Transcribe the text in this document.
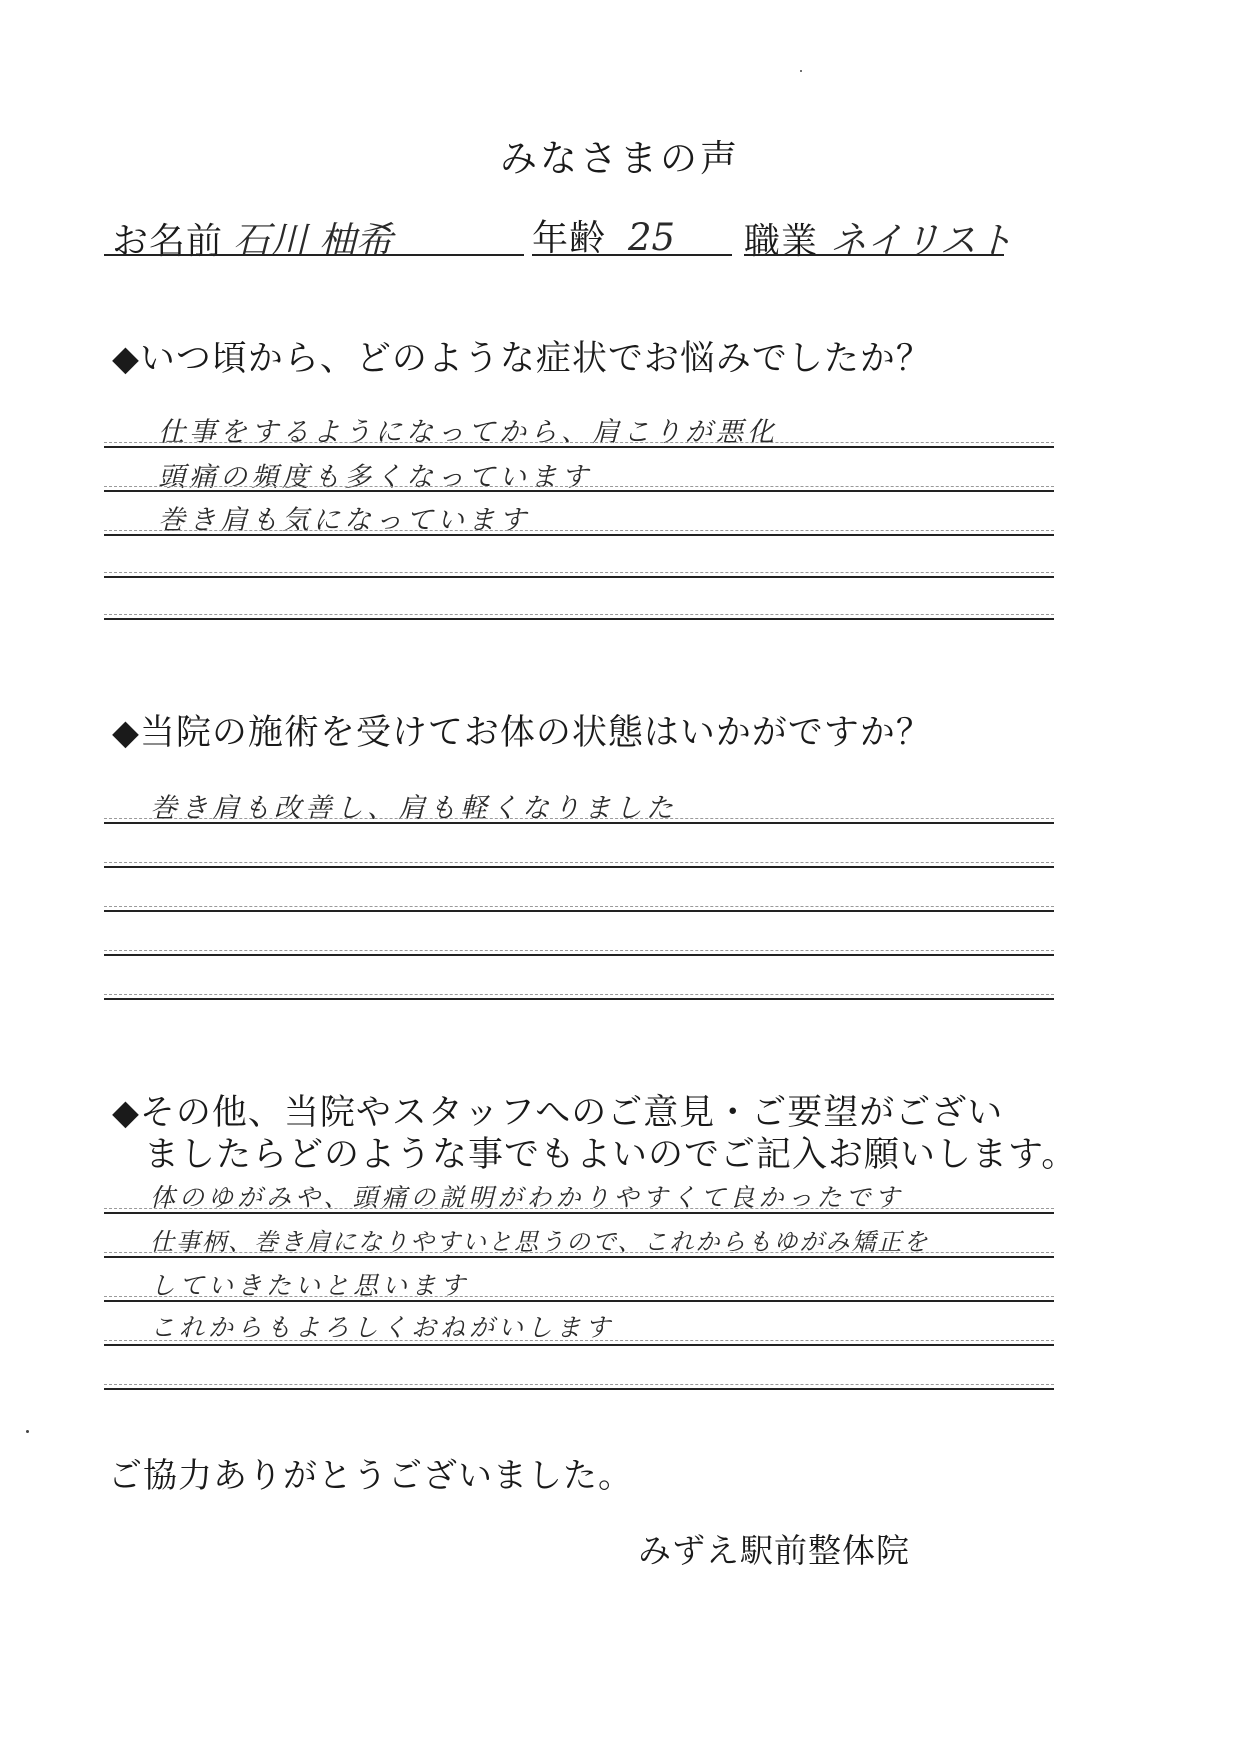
みなさまの声
お名前 石川 柚希	年齢 25 職業 ネイリスト
◆いつ頃から、どのような症状でお悩みでしたか？
仕事をするようになってから、肩こりが悪化
頭痛の頻度も多くなっています
巻き肩も気になっています
◆当院の施術を受けてお体の状態はいかがですか？
巻き肩も改善し、肩も軽くなりました
◆その他、当院やスタッフへのご意見・ご要望がござい
ましたらどのような事でもよいのでご記入お願いします。
体のゆがみや、頭痛の説明がわかりやすくて良かったです
仕事柄、巻き肩になりやすいと思うので、これからもゆがみ矯正を
していきたいと思います
これからもよろしくおねがいします
ご協力ありがとうございました。
みずえ駅前整体院
